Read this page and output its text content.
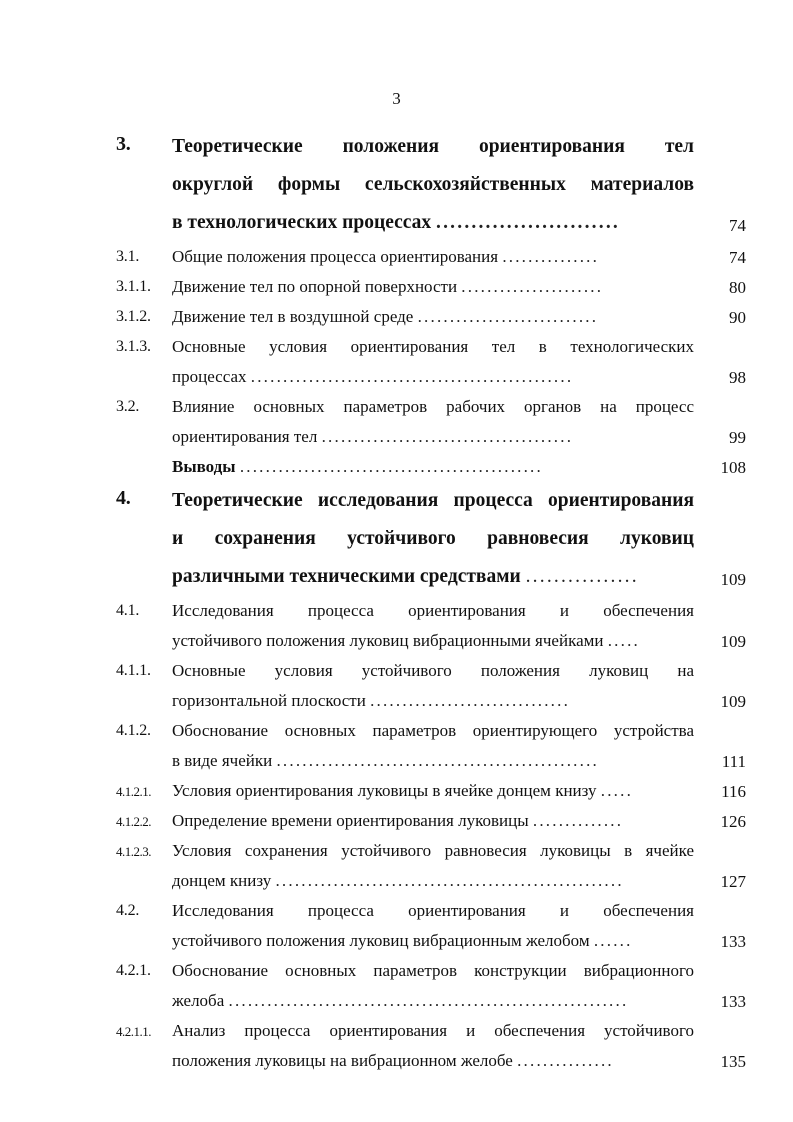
3
3. Теоретические положения ориентирования тел
округлой формы сельскохозяйственных материалов
в технологических процессах ..........................	74
3.1. Общие положения процесса ориентирования ...............	74
3.1.1. Движение тел по опорной поверхности ......................	80
3.1.2. Движение тел в воздушной среде ............................	90
3.1.3. Основные условия ориентирования тел в технологических
процессах ..................................................	98
3.2. Влияние основных параметров рабочих органов на процесс
ориентирования тел .......................................	99
Выводы ...............................................	108
4. Теоретические исследования процесса ориентирования
и сохранения устойчивого равновесия луковиц
различными техническими средствами ................	109
4.1. Исследования процесса ориентирования и обеспечения
устойчивого положения луковиц вибрационными ячейками .....	109
4.1.1. Основные условия устойчивого положения луковиц на
горизонтальной плоскости ...............................	109
4.1.2. Обоснование основных параметров ориентирующего устройства
в виде ячейки ..................................................	111
4.1.2.1. Условия ориентирования луковицы в ячейке донцем книзу .....	116
4.1.2.2. Определение времени ориентирования луковицы ..............	126
4.1.2.3. Условия сохранения устойчивого равновесия луковицы в ячейке
донцем книзу ......................................................	127
4.2. Исследования процесса ориентирования и обеспечения
устойчивого положения луковиц вибрационным желобом ......	133
4.2.1. Обоснование основных параметров конструкции вибрационного
желоба ..............................................................	133
4.2.1.1. Анализ процесса ориентирования и обеспечения устойчивого
положения луковицы на вибрационном желобе ...............	135
